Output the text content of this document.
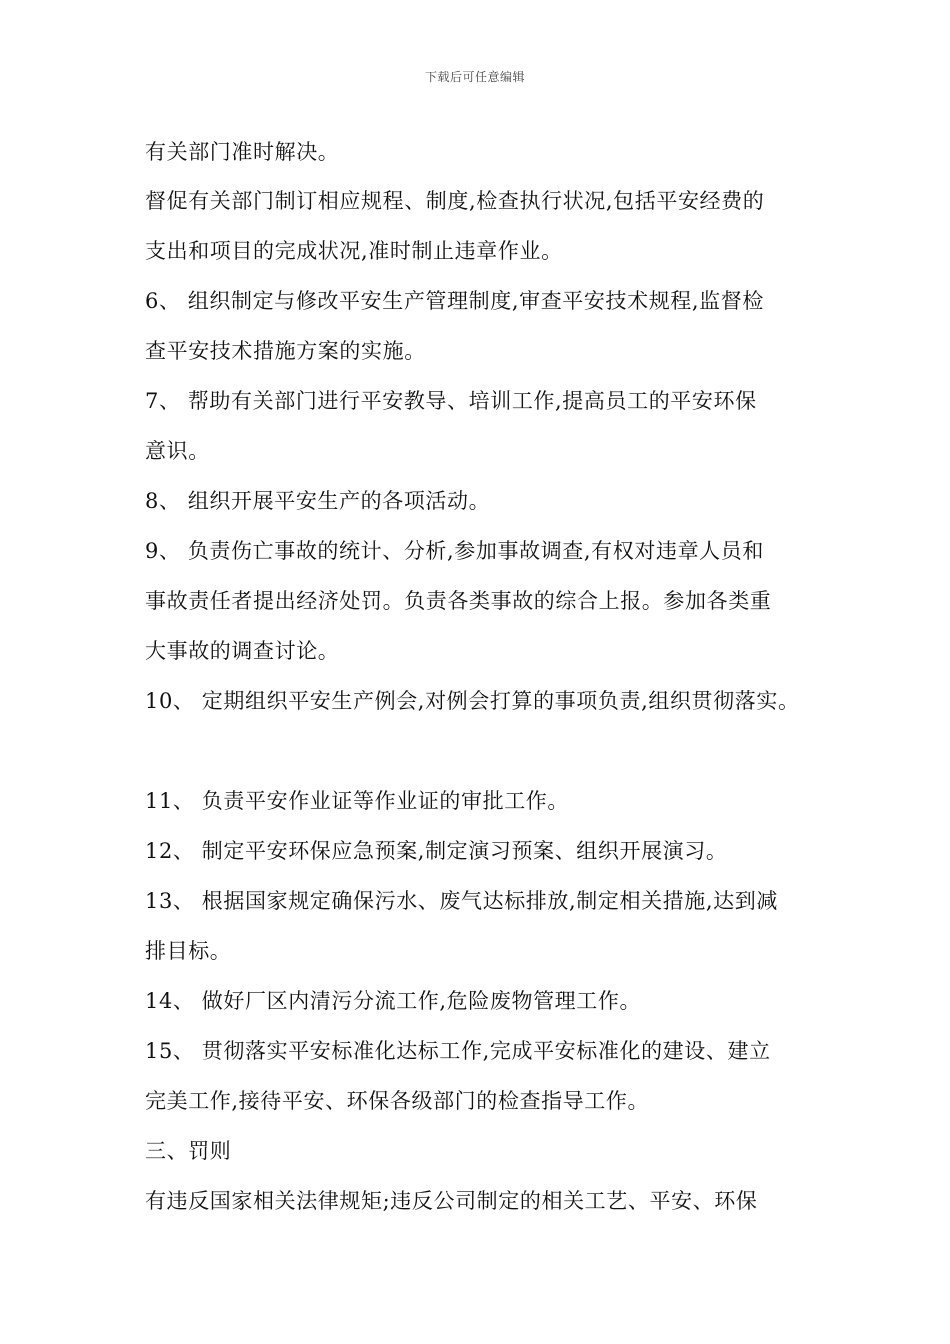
下载后可任意编辑
有关部门准时解决。
督促有关部门制订相应规程、制度,检查执行状况,包括平安经费的
支出和项目的完成状况,准时制止违章作业。
6、 组织制定与修改平安生产管理制度,审查平安技术规程,监督检
查平安技术措施方案的实施。
7、 帮助有关部门进行平安教导、培训工作,提高员工的平安环保
意识。
8、 组织开展平安生产的各项活动。
9、 负责伤亡事故的统计、分析,参加事故调查,有权对违章人员和
事故责任者提出经济处罚。负责各类事故的综合上报。参加各类重
大事故的调查讨论。
10、 定期组织平安生产例会,对例会打算的事项负责,组织贯彻落实。
11、 负责平安作业证等作业证的审批工作。
12、 制定平安环保应急预案,制定演习预案、组织开展演习。
13、 根据国家规定确保污水、废气达标排放,制定相关措施,达到减
排目标。
14、 做好厂区内清污分流工作,危险废物管理工作。
15、 贯彻落实平安标准化达标工作,完成平安标准化的建设、建立
完美工作,接待平安、环保各级部门的检查指导工作。
三、罚则
有违反国家相关法律规矩;违反公司制定的相关工艺、平安、环保
